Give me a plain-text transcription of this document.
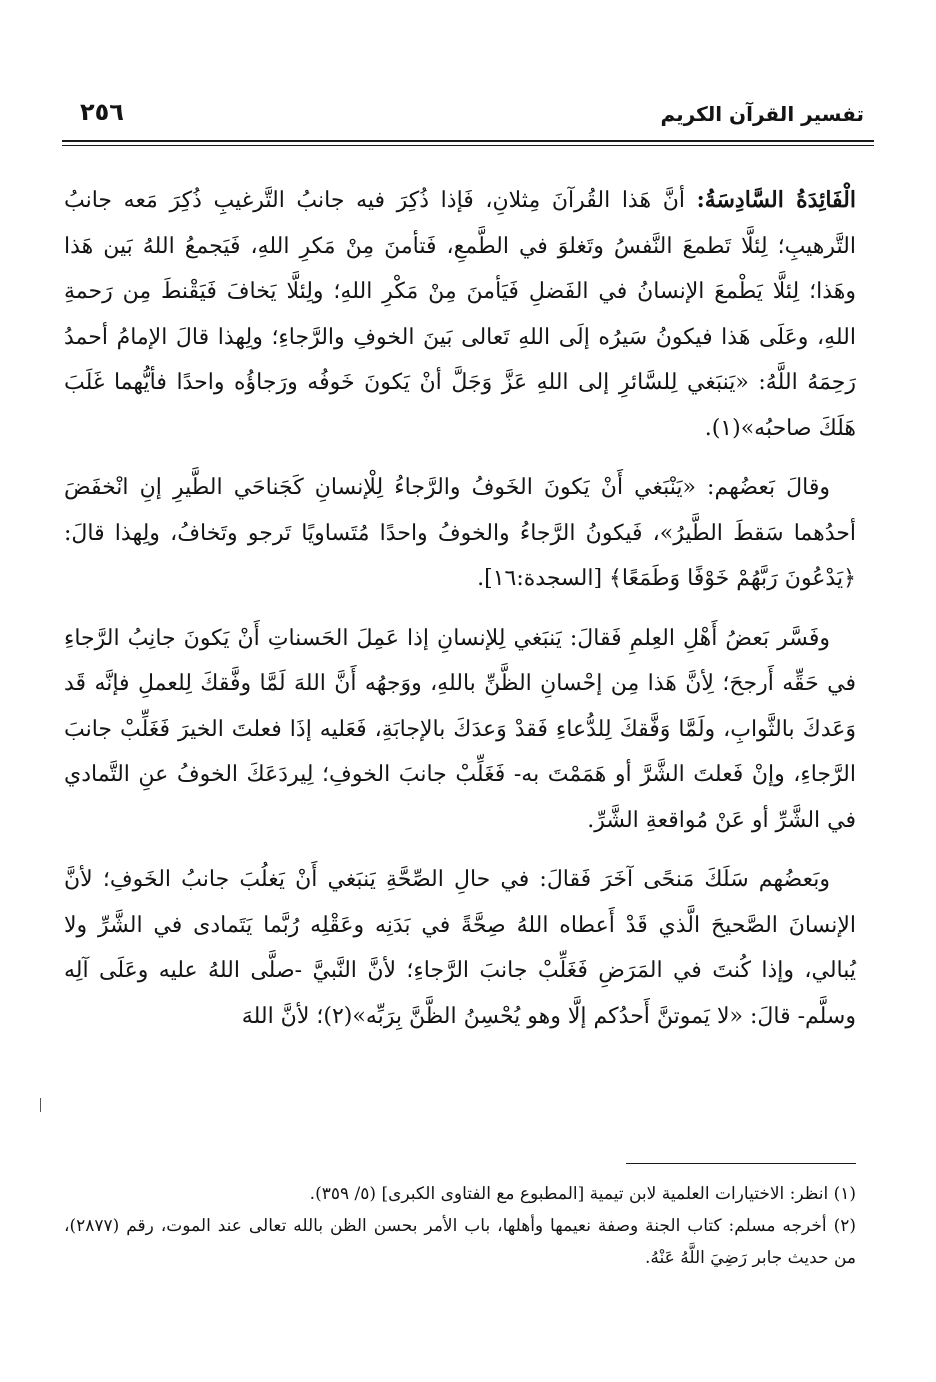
تفسير القرآن الكريم
٢٥٦

الْفَائِدَةُ السَّادِسَةُ: أنَّ هَذا القُرآنَ مِثلانِ، فَإذا ذُكِرَ فيه جانبُ التَّرغيبِ ذُكِرَ مَعه جانبُ التَّرهيبِ؛ لِئلَّا تَطمعَ النَّفسُ وتَغلوَ في الطَّمعِ، فَتأمنَ مِنْ مَكرِ اللهِ، فَيَجمعُ اللهُ بَين هَذا وهَذا؛ لِئلَّا يَطْمعَ الإنسانُ في الفَضلِ فَيَأمنَ مِنْ مَكْرِ اللهِ؛ ولِئلَّا يَخافَ فَيَقْنطَ مِن رَحمةِ اللهِ، وعَلَى هَذا فيكونُ سَيرُه إلَى اللهِ تَعالى بَينَ الخوفِ والرَّجاءِ؛ ولِهذا قالَ الإمامُ أحمدُ رَحِمَهُ اللَّهُ: «يَنبَغي لِلسَّائرِ إلى اللهِ عَزَّ وَجَلَّ أنْ يَكونَ خَوفُه ورَجاؤُه واحدًا فأيُّهما غَلَبَ هَلَكَ صاحبُه»(١).

وقالَ بَعضُهم: «يَنْبَغي أَنْ يَكونَ الخَوفُ والرَّجاءُ لِلْإنسانِ كَجَناحَي الطَّيرِ إنِ انْخفَضَ أحدُهما سَقطَ الطَّيرُ»، فَيكونُ الرَّجاءُ والخوفُ واحدًا مُتَساويًا تَرجو وتَخافُ، ولِهذا قالَ: ﴿يَدْعُونَ رَبَّهُمْ خَوْفًا وَطَمَعًا﴾ [السجدة:١٦].

وفَسَّر بَعضُ أَهْلِ العِلمِ فَقالَ: يَنبَغي لِلإنسانِ إذا عَمِلَ الحَسناتِ أَنْ يَكونَ جانِبُ الرَّجاءِ في حَقِّه أَرجحَ؛ لِأنَّ هَذا مِن إحْسانِ الظَّنِّ باللهِ، ووَجهُه أَنَّ اللهَ لَمَّا وفَّقكَ لِلعملِ فإنَّه قَد وَعَدكَ بالثَّوابِ، ولَمَّا وَفَّقكَ لِلدُّعاءِ فَقدْ وَعدَكَ بالإجابَةِ، فَعَليه إذَا فعلتَ الخيرَ فَغَلِّبْ جانبَ الرَّجاءِ، وإنْ فَعلتَ الشَّرَّ أو هَمَمْتَ به- فَغَلِّبْ جانبَ الخوفِ؛ لِيردَعَكَ الخوفُ عنِ التَّمادي في الشَّرِّ أو عَنْ مُواقعةِ الشَّرِّ.

وبَعضُهم سَلَكَ مَنحًى آخَرَ فَقالَ: في حالِ الصِّحَّةِ يَنبَغي أَنْ يَغلُبَ جانبُ الخَوفِ؛ لأنَّ الإنسانَ الصَّحيحَ الَّذي قَدْ أَعطاه اللهُ صِحَّةً في بَدَنِه وعَقْلِه رُبَّما يَتَمادى في الشَّرِّ ولا يُبالي، وإذا كُنتَ في المَرَضِ فَغَلِّبْ جانبَ الرَّجاءِ؛ لأنَّ النَّبيَّ -صلَّى اللهُ عليه وعَلَى آلِه وسلَّم- قالَ: «لا يَموتنَّ أَحدُكم إلَّا وهو يُحْسِنُ الظَّنَّ بِرَبِّه»(٢)؛ لأنَّ اللهَ

(١) انظر: الاختيارات العلمية لابن تيمية [المطبوع مع الفتاوى الكبرى] (٥/ ٣٥٩).

(٢) أخرجه مسلم: كتاب الجنة وصفة نعيمها وأهلها، باب الأمر بحسن الظن بالله تعالى عند الموت، رقم (٢٨٧٧)، من حديث جابر رَضِيَ اللَّهُ عَنْهُ.
